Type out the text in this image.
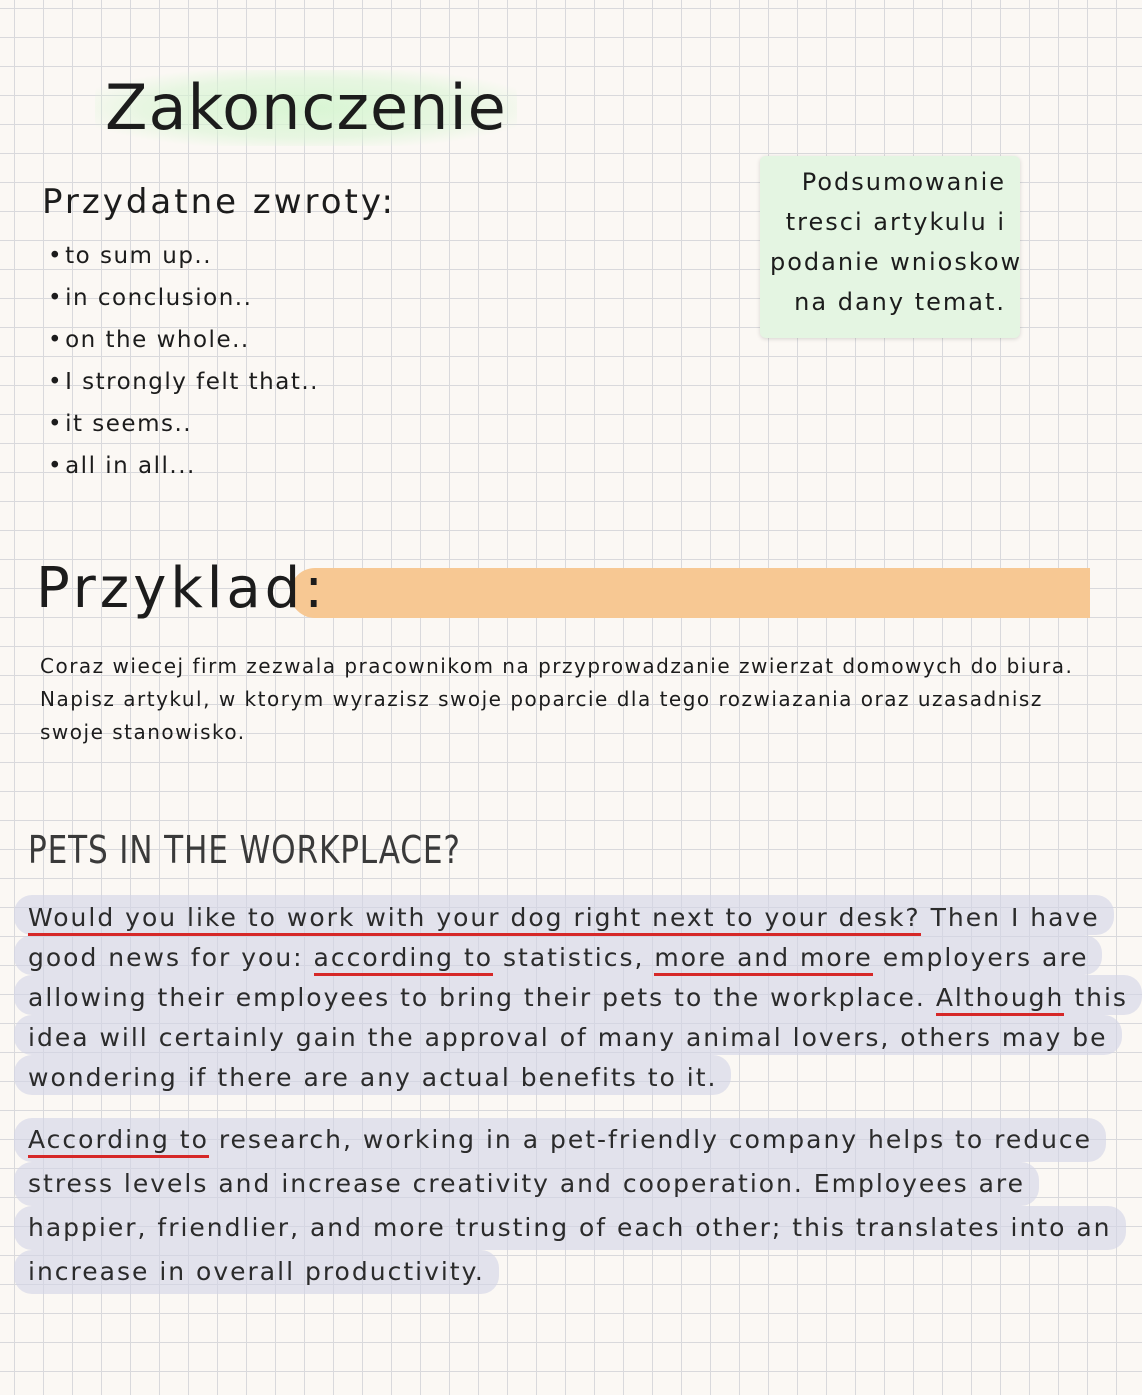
Zakonczenie
Przydatne zwroty:
• to sum up..
• in conclusion..
• on the whole..
• I strongly felt that..
• it seems..
• all in all...
Podsumowanie
tresci artykulu i
podanie wnioskow
na dany temat.
Przyklad:
Coraz wiecej firm zezwala pracownikom na przyprowadzanie zwierzat domowych do biura.
Napisz artykul, w ktorym wyrazisz swoje poparcie dla tego rozwiazania oraz uzasadnisz
swoje stanowisko.
PETS IN THE WORKPLACE?
Would you like to work with your dog right next to your desk? Then I have
good news for you: according to statistics, more and more employers are
allowing their employees to bring their pets to the workplace. Although this
idea will certainly gain the approval of many animal lovers, others may be
wondering if there are any actual benefits to it.
According to research, working in a pet-friendly company helps to reduce
stress levels and increase creativity and cooperation. Employees are
happier, friendlier, and more trusting of each other; this translates into an
increase in overall productivity.
